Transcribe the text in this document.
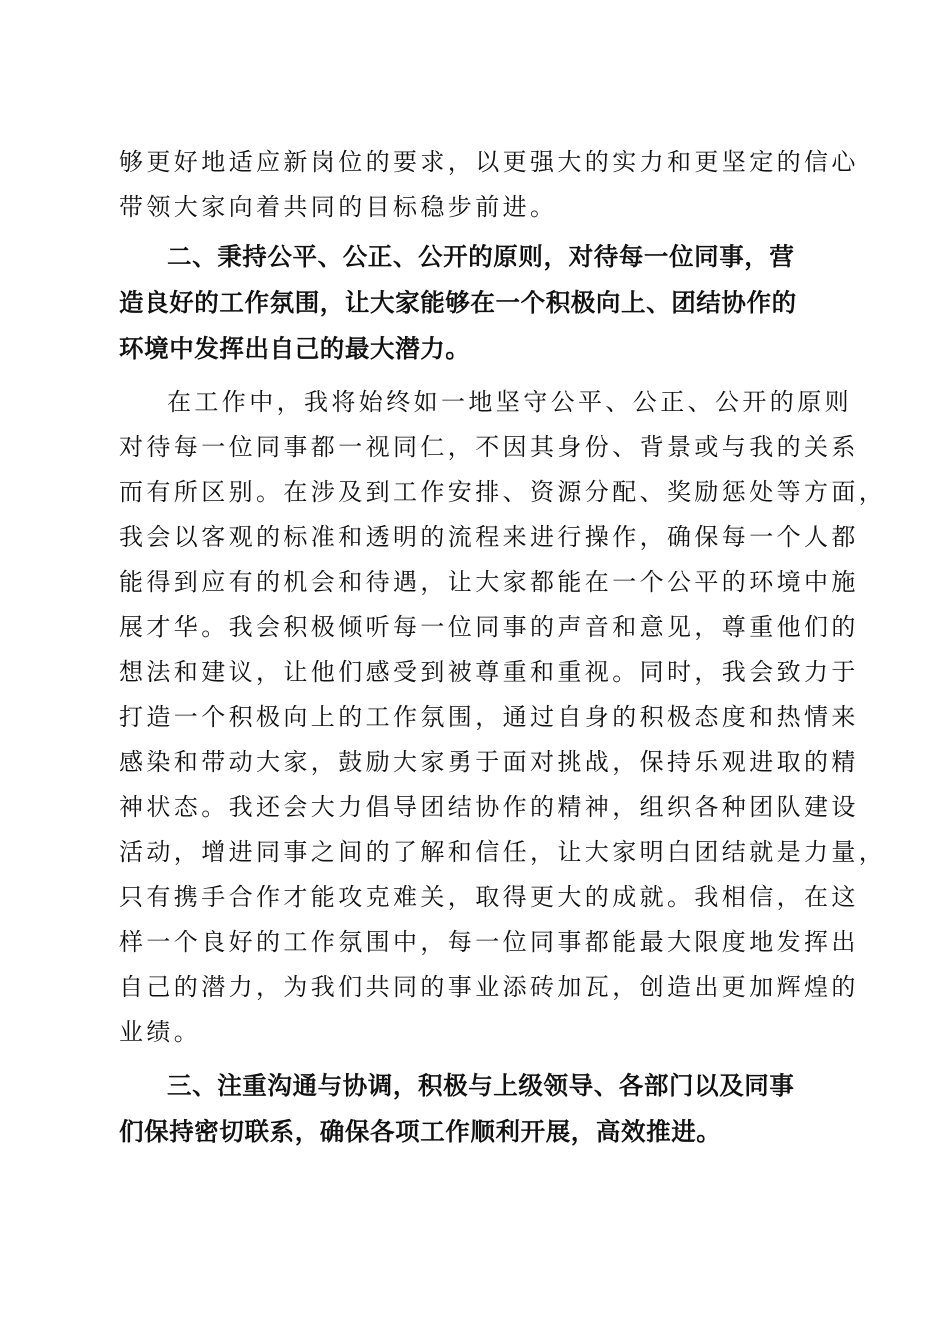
够更好地适应新岗位的要求，以更强大的实力和更坚定的信心
带领大家向着共同的目标稳步前进。
二、秉持公平、公正、公开的原则，对待每一位同事，营
造良好的工作氛围，让大家能够在一个积极向上、团结协作的
环境中发挥出自己的最大潜力。
在工作中，我将始终如一地坚守公平、公正、公开的原则
对待每一位同事都一视同仁，不因其身份、背景或与我的关系
而有所区别。在涉及到工作安排、资源分配、奖励惩处等方面，
我会以客观的标准和透明的流程来进行操作，确保每一个人都
能得到应有的机会和待遇，让大家都能在一个公平的环境中施
展才华。我会积极倾听每一位同事的声音和意见，尊重他们的
想法和建议，让他们感受到被尊重和重视。同时，我会致力于
打造一个积极向上的工作氛围，通过自身的积极态度和热情来
感染和带动大家，鼓励大家勇于面对挑战，保持乐观进取的精
神状态。我还会大力倡导团结协作的精神，组织各种团队建设
活动，增进同事之间的了解和信任，让大家明白团结就是力量，
只有携手合作才能攻克难关，取得更大的成就。我相信，在这
样一个良好的工作氛围中，每一位同事都能最大限度地发挥出
自己的潜力，为我们共同的事业添砖加瓦，创造出更加辉煌的
业绩。
三、注重沟通与协调，积极与上级领导、各部门以及同事
们保持密切联系，确保各项工作顺利开展，高效推进。
